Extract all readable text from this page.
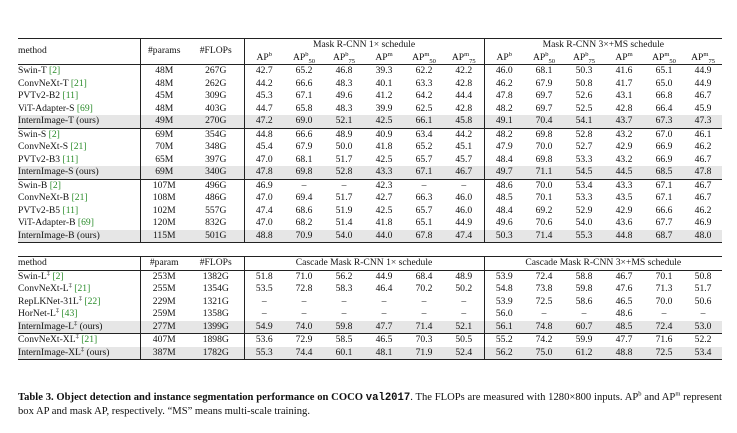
method	#params	#FLOPs	Mask R-CNN 1× schedule						Mask R-CNN 3×+MS schedule					
			$AP^b$	$AP^b_{50}$	$AP^b_{75}$	$AP^m$	$AP^m_{50}$	$AP^m_{75}$	$AP^b$	$AP^b_{50}$	$AP^b_{75}$	$AP^m$	$AP^m_{50}$	$AP^m_{75}$
Swin-T [2]	48M	267G	42.7	65.2	46.8	39.3	62.2	42.2	46.0	68.1	50.3	41.6	65.1	44.9
ConvNeXt-T [21]	48M	262G	44.2	66.6	48.3	40.1	63.3	42.8	46.2	67.9	50.8	41.7	65.0	44.9
PVTv2-B2 [11]	45M	309G	45.3	67.1	49.6	41.2	64.2	44.4	47.8	69.7	52.6	43.1	66.8	46.7
ViT-Adapter-S [69]	48M	403G	44.7	65.8	48.3	39.9	62.5	42.8	48.2	69.7	52.5	42.8	66.4	45.9
InternImage-T (ours)	49M	270G	47.2	69.0	52.1	42.5	66.1	45.8	49.1	70.4	54.1	43.7	67.3	47.3
Swin-S [2]	69M	354G	44.8	66.6	48.9	40.9	63.4	44.2	48.2	69.8	52.8	43.2	67.0	46.1
ConvNeXt-S [21]	70M	348G	45.4	67.9	50.0	41.8	65.2	45.1	47.9	70.0	52.7	42.9	66.9	46.2
PVTv2-B3 [11]	65M	397G	47.0	68.1	51.7	42.5	65.7	45.7	48.4	69.8	53.3	43.2	66.9	46.7
InternImage-S (ours)	69M	340G	47.8	69.8	52.8	43.3	67.1	46.7	49.7	71.1	54.5	44.5	68.5	47.8
Swin-B [2]	107M	496G	46.9	–	–	42.3	–	–	48.6	70.0	53.4	43.3	67.1	46.7
ConvNeXt-B [21]	108M	486G	47.0	69.4	51.7	42.7	66.3	46.0	48.5	70.1	53.3	43.5	67.1	46.7
PVTv2-B5 [11]	102M	557G	47.4	68.6	51.9	42.5	65.7	46.0	48.4	69.2	52.9	42.9	66.6	46.2
ViT-Adapter-B [69]	120M	832G	47.0	68.2	51.4	41.8	65.1	44.9	49.6	70.6	54.0	43.6	67.7	46.9
InternImage-B (ours)	115M	501G	48.8	70.9	54.0	44.0	67.8	47.4	50.3	71.4	55.3	44.8	68.7	48.0

method	#param	#FLOPs	Cascade Mask R-CNN 1× schedule						Cascade Mask R-CNN 3×+MS schedule					
Swin-L‡ [2]	253M	1382G	51.8	71.0	56.2	44.9	68.4	48.9	53.9	72.4	58.8	46.7	70.1	50.8
ConvNeXt-L‡ [21]	255M	1354G	53.5	72.8	58.3	46.4	70.2	50.2	54.8	73.8	59.8	47.6	71.3	51.7
RepLKNet-31L‡ [22]	229M	1321G	–	–	–	–	–	–	53.9	72.5	58.6	46.5	70.0	50.6
HorNet-L‡ [43]	259M	1358G	–	–	–	–	–	–	56.0	–	–	48.6	–	–
InternImage-L‡ (ours)	277M	1399G	54.9	74.0	59.8	47.7	71.4	52.1	56.1	74.8	60.7	48.5	72.4	53.0
ConvNeXt-XL‡ [21]	407M	1898G	53.6	72.9	58.5	46.5	70.3	50.5	55.2	74.2	59.9	47.7	71.6	52.2
InternImage-XL‡ (ours)	387M	1782G	55.3	74.4	60.1	48.1	71.9	52.4	56.2	75.0	61.2	48.8	72.5	53.4
Table 3. Object detection and instance segmentation performance on COCO val2017. The FLOPs are measured with 1280×800 inputs. $AP^b$ and $AP^m$ represent box AP and mask AP, respectively. “MS” means multi-scale training.
